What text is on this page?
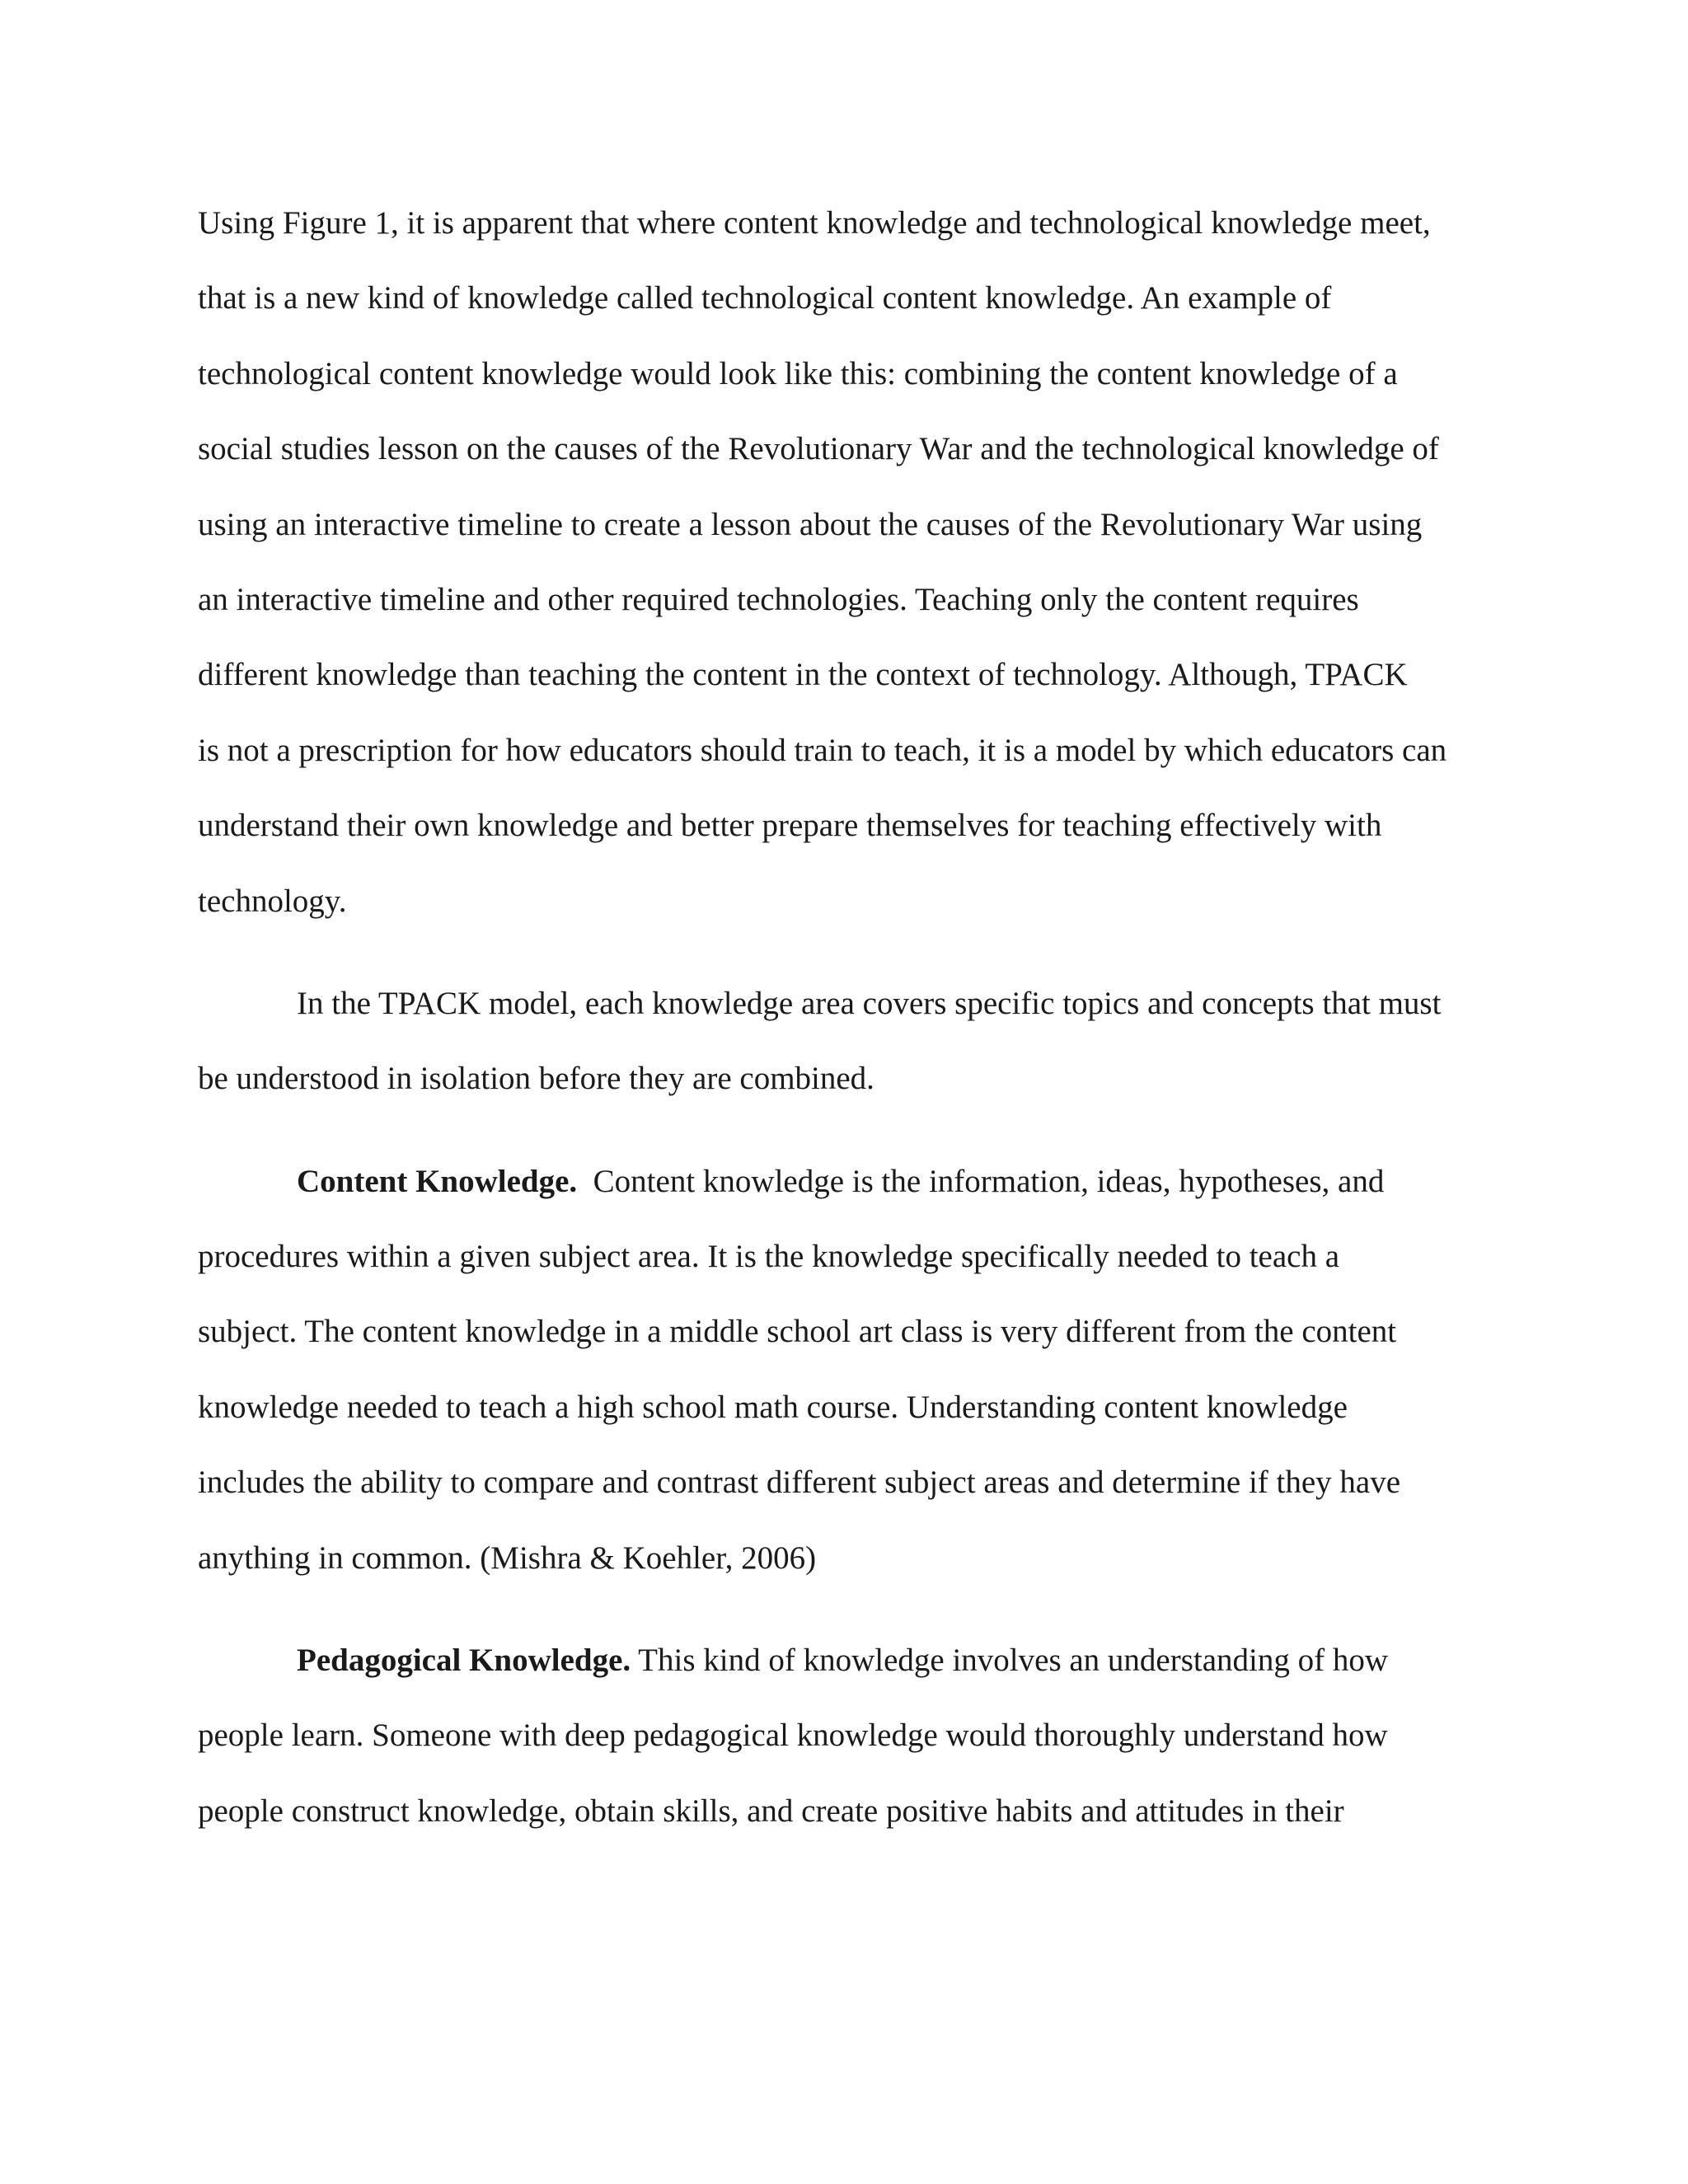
Using Figure 1, it is apparent that where content knowledge and technological knowledge meet,
that is a new kind of knowledge called technological content knowledge. An example of
technological content knowledge would look like this: combining the content knowledge of a
social studies lesson on the causes of the Revolutionary War and the technological knowledge of
using an interactive timeline to create a lesson about the causes of the Revolutionary War using
an interactive timeline and other required technologies. Teaching only the content requires
different knowledge than teaching the content in the context of technology. Although, TPACK
is not a prescription for how educators should train to teach, it is a model by which educators can
understand their own knowledge and better prepare themselves for teaching effectively with
technology.
In the TPACK model, each knowledge area covers specific topics and concepts that must
be understood in isolation before they are combined.
Content Knowledge.  Content knowledge is the information, ideas, hypotheses, and
procedures within a given subject area. It is the knowledge specifically needed to teach a
subject. The content knowledge in a middle school art class is very different from the content
knowledge needed to teach a high school math course. Understanding content knowledge
includes the ability to compare and contrast different subject areas and determine if they have
anything in common. (Mishra & Koehler, 2006)
Pedagogical Knowledge. This kind of knowledge involves an understanding of how
people learn. Someone with deep pedagogical knowledge would thoroughly understand how
people construct knowledge, obtain skills, and create positive habits and attitudes in their
